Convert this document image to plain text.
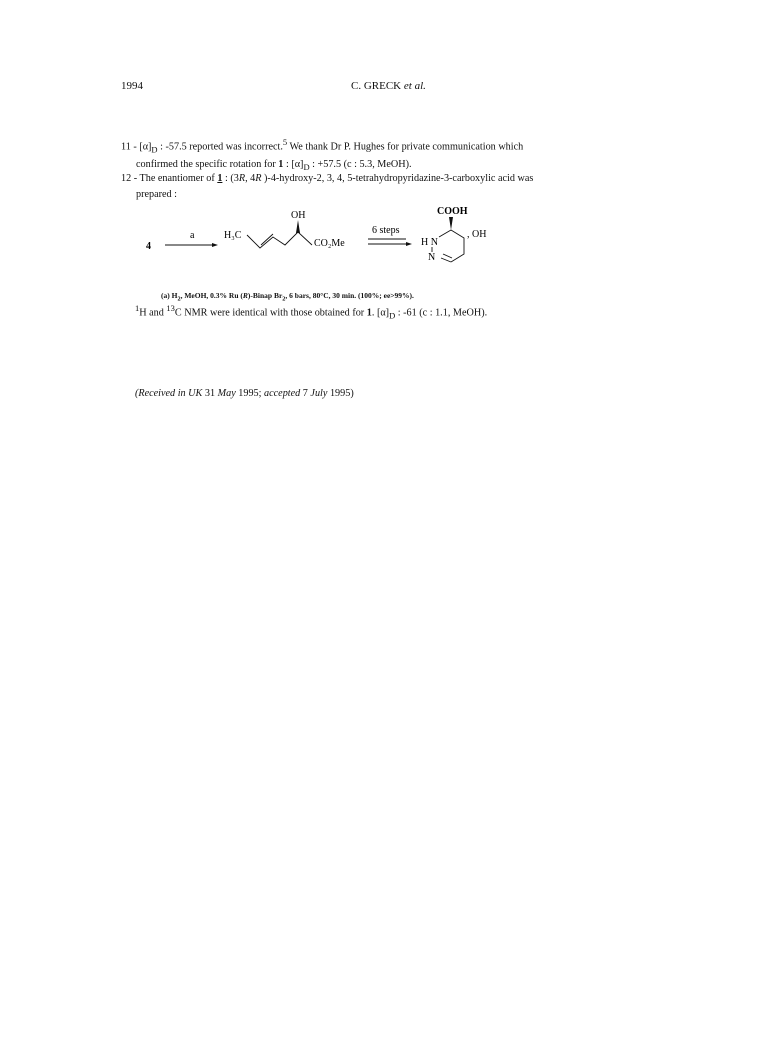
1994	C. GRECK et al.
$11 - [\alpha]_D$ : -57.5 reported was incorrect.$^5$ We thank Dr P. Hughes for private communication which
confirmed the specific rotation for 1 : $[\alpha]_D$ : +57.5 (c : 5.3, MeOH).
12 - The enantiomer of 1 : (3R, 4R )-4-hydroxy-2, 3, 4, 5-tetrahydropyridazine-3-carboxylic acid was
prepared :
4
a	H₃C
OH
CO₂Me
6 steps
COOH
, OH
H N
N
(a) $H_2$, MeOH, 0.3% Ru (R)-Binap $Br_2$, 6 bars, 80°C, 30 min. (100%; ee>99%).
$^1$H and $^{13}$C NMR were identical with those obtained for 1. $[\alpha]_D$ : -61 (c : 1.1, MeOH).
(Received in UK 31 May 1995; accepted 7 July 1995)
